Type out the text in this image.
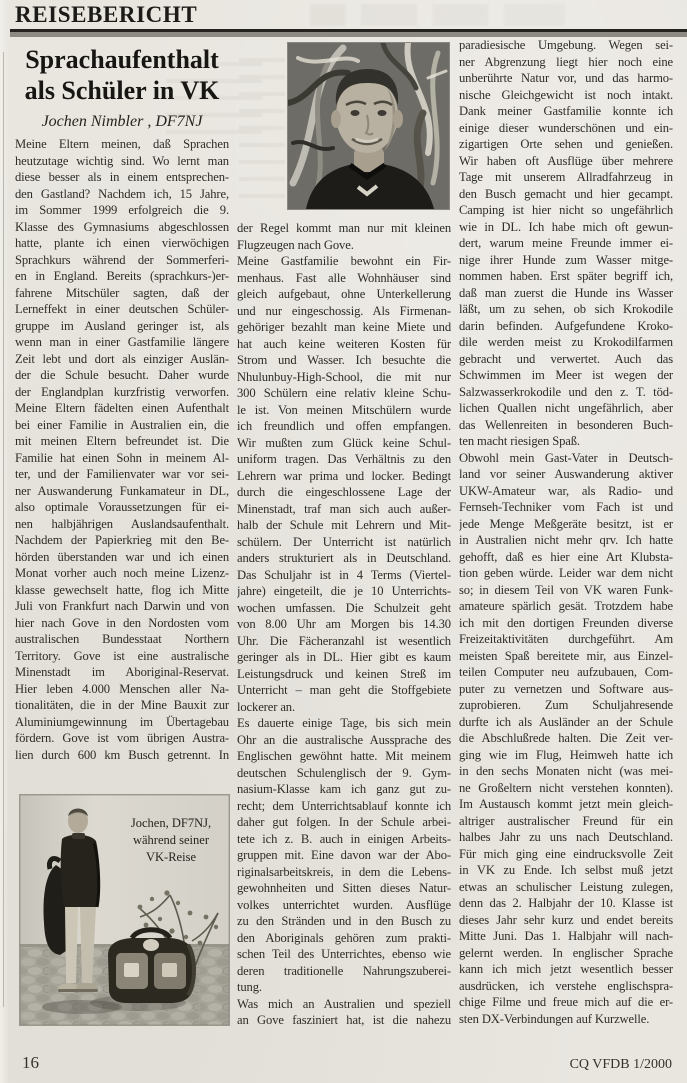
REISEBERICHT
Sprachaufenthalt
als Schüler in VK
Jochen Nimbler , DF7NJ
Meine Eltern meinen, daß Sprachen
heutzutage wichtig sind. Wo lernt man
diese besser als in einem entsprechen-
den Gastland? Nachdem ich, 15 Jahre,
im Sommer 1999 erfolgreich die 9.
Klasse des Gymnasiums abgeschlossen
hatte, plante ich einen vierwöchigen
Sprachkurs während der Sommerferi-
en in England. Bereits (sprachkurs-)er-
fahrene Mitschüler sagten, daß der
Lerneffekt in einer deutschen Schüler-
gruppe im Ausland geringer ist, als
wenn man in einer Gastfamilie längere
Zeit lebt und dort als einziger Auslän-
der die Schule besucht. Daher wurde
der Englandplan kurzfristig verworfen.
Meine Eltern fädelten einen Aufenthalt
bei einer Familie in Australien ein, die
mit meinen Eltern befreundet ist. Die
Familie hat einen Sohn in meinem Al-
ter, und der Familienvater war vor sei-
ner Auswanderung Funkamateur in DL,
also optimale Voraussetzungen für ei-
nen halbjährigen Auslandsaufenthalt.
Nachdem der Papierkrieg mit den Be-
hörden überstanden war und ich einen
Monat vorher auch noch meine Lizenz-
klasse gewechselt hatte, flog ich Mitte
Juli von Frankfurt nach Darwin und von
hier nach Gove in den Nordosten vom
australischen Bundesstaat Northern
Territory. Gove ist eine australische
Minenstadt im Aboriginal-Reservat.
Hier leben 4.000 Menschen aller Na-
tionalitäten, die in der Mine Bauxit zur
Aluminiumgewinnung im Übertagebau
fördern. Gove ist vom übrigen Austra-
lien durch 600 km Busch getrennt. In
der Regel kommt man nur mit kleinen
Flugzeugen nach Gove.
Meine Gastfamilie bewohnt ein Fir-
menhaus. Fast alle Wohnhäuser sind
gleich aufgebaut, ohne Unterkellerung
und nur eingeschossig. Als Firmenan-
gehöriger bezahlt man keine Miete und
hat auch keine weiteren Kosten für
Strom und Wasser. Ich besuchte die
Nhulunbuy-High-School, die mit nur
300 Schülern eine relativ kleine Schu-
le ist. Von meinen Mitschülern wurde
ich freundlich und offen empfangen.
Wir mußten zum Glück keine Schul-
uniform tragen. Das Verhältnis zu den
Lehrern war prima und locker. Bedingt
durch die eingeschlossene Lage der
Minenstadt, traf man sich auch außer-
halb der Schule mit Lehrern und Mit-
schülern. Der Unterricht ist natürlich
anders strukturiert als in Deutschland.
Das Schuljahr ist in 4 Terms (Viertel-
jahre) eingeteilt, die je 10 Unterrichts-
wochen umfassen. Die Schulzeit geht
von 8.00 Uhr am Morgen bis 14.30
Uhr. Die Fächeranzahl ist wesentlich
geringer als in DL. Hier gibt es kaum
Leistungsdruck und keinen Streß im
Unterricht – man geht die Stoffgebiete
lockerer an.
Es dauerte einige Tage, bis sich mein
Ohr an die australische Aussprache des
Englischen gewöhnt hatte. Mit meinem
deutschen Schulenglisch der 9. Gym-
nasium-Klasse kam ich ganz gut zu-
recht; dem Unterrichtsablauf konnte ich
daher gut folgen. In der Schule arbei-
tete ich z. B. auch in einigen Arbeits-
gruppen mit. Eine davon war der Abo-
riginalsarbeitskreis, in dem die Lebens-
gewohnheiten und Sitten dieses Natur-
volkes unterrichtet wurden. Ausflüge
zu den Stränden und in den Busch zu
den Aboriginals gehören zum prakti-
schen Teil des Unterrichtes, ebenso wie
deren traditionelle Nahrungszuberei-
tung.
Was mich an Australien und speziell
an Gove fasziniert hat, ist die nahezu
paradiesische Umgebung. Wegen sei-
ner Abgrenzung liegt hier noch eine
unberührte Natur vor, und das harmo-
nische Gleichgewicht ist noch intakt.
Dank meiner Gastfamilie konnte ich
einige dieser wunderschönen und ein-
zigartigen Orte sehen und genießen.
Wir haben oft Ausflüge über mehrere
Tage mit unserem Allradfahrzeug in
den Busch gemacht und hier gecampt.
Camping ist hier nicht so ungefährlich
wie in DL. Ich habe mich oft gewun-
dert, warum meine Freunde immer ei-
nige ihrer Hunde zum Wasser mitge-
nommen haben. Erst später begriff ich,
daß man zuerst die Hunde ins Wasser
läßt, um zu sehen, ob sich Krokodile
darin befinden. Aufgefundene Kroko-
dile werden meist zu Krokodilfarmen
gebracht und verwertet. Auch das
Schwimmen im Meer ist wegen der
Salzwasserkrokodile und den z. T. töd-
lichen Quallen nicht ungefährlich, aber
das Wellenreiten in besonderen Buch-
ten macht riesigen Spaß.
Obwohl mein Gast-Vater in Deutsch-
land vor seiner Auswanderung aktiver
UKW-Amateur war, als Radio- und
Fernseh-Techniker vom Fach ist und
jede Menge Meßgeräte besitzt, ist er
in Australien nicht mehr qrv. Ich hatte
gehofft, daß es hier eine Art Klubsta-
tion geben würde. Leider war dem nicht
so; in diesem Teil von VK waren Funk-
amateure spärlich gesät. Trotzdem habe
ich mit den dortigen Freunden diverse
Freizeitaktivitäten durchgeführt. Am
meisten Spaß bereitete mir, aus Einzel-
teilen Computer neu aufzubauen, Com-
puter zu vernetzen und Software aus-
zuprobieren. Zum Schuljahresende
durfte ich als Ausländer an der Schule
die Abschlußrede halten. Die Zeit ver-
ging wie im Flug, Heimweh hatte ich
in den sechs Monaten nicht (was mei-
ne Großeltern nicht verstehen konnten).
Im Austausch kommt jetzt mein gleich-
altriger australischer Freund für ein
halbes Jahr zu uns nach Deutschland.
Für mich ging eine eindrucksvolle Zeit
in VK zu Ende. Ich selbst muß jetzt
etwas an schulischer Leistung zulegen,
denn das 2. Halbjahr der 10. Klasse ist
dieses Jahr sehr kurz und endet bereits
Mitte Juni. Das 1. Halbjahr will nach-
gelernt werden. In englischer Sprache
kann ich mich jetzt wesentlich besser
ausdrücken, ich verstehe englischspra-
chige Filme und freue mich auf die er-
sten DX-Verbindungen auf Kurzwelle.
Jochen, DF7NJ,
während seiner
VK-Reise
16	CQ VFDB 1/2000
